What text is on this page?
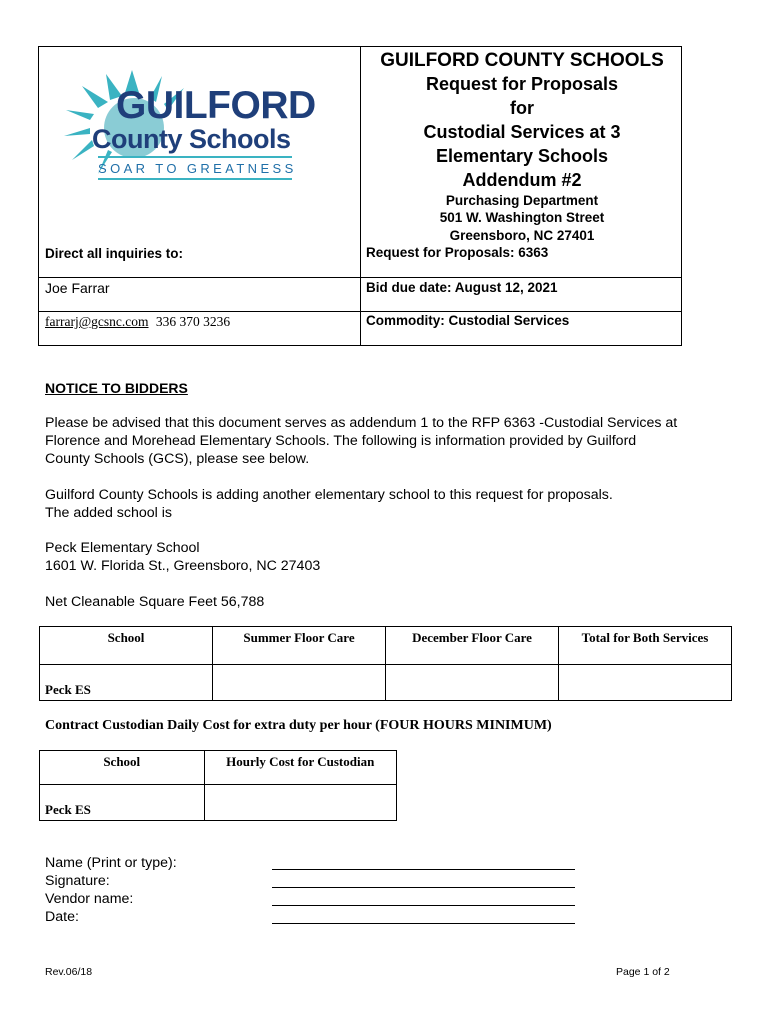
GUILFORD
County Schools
SOAR TO GREATNESS
GUILFORD COUNTY SCHOOLS
Request for Proposals
for
Custodial Services at 3
Elementary Schools
Addendum #2
Purchasing Department
501 W. Washington Street
Greensboro, NC 27401
Direct all inquiries to:	Request for Proposals: 6363
Joe Farrar	Bid due date: August 12, 2021
farrarj@gcsnc.com 336 370 3236	Commodity: Custodial Services
NOTICE TO BIDDERS
Please be advised that this document serves as addendum 1 to the RFP 6363 -Custodial Services at
Florence and Morehead Elementary Schools. The following is information provided by Guilford
County Schools (GCS), please see below.
Guilford County Schools is adding another elementary school to this request for proposals.
The added school is
Peck Elementary School
1601 W. Florida St., Greensboro, NC 27403
Net Cleanable Square Feet 56,788
School	Summer Floor Care	December Floor Care	Total for Both Services
Peck ES			
Contract Custodian Daily Cost for extra duty per hour (FOUR HOURS MINIMUM)
School	Hourly Cost for Custodian
Peck ES	
Name (Print or type):
Signature:
Vendor name:
Date:
Rev.06/18	Page 1 of 2
